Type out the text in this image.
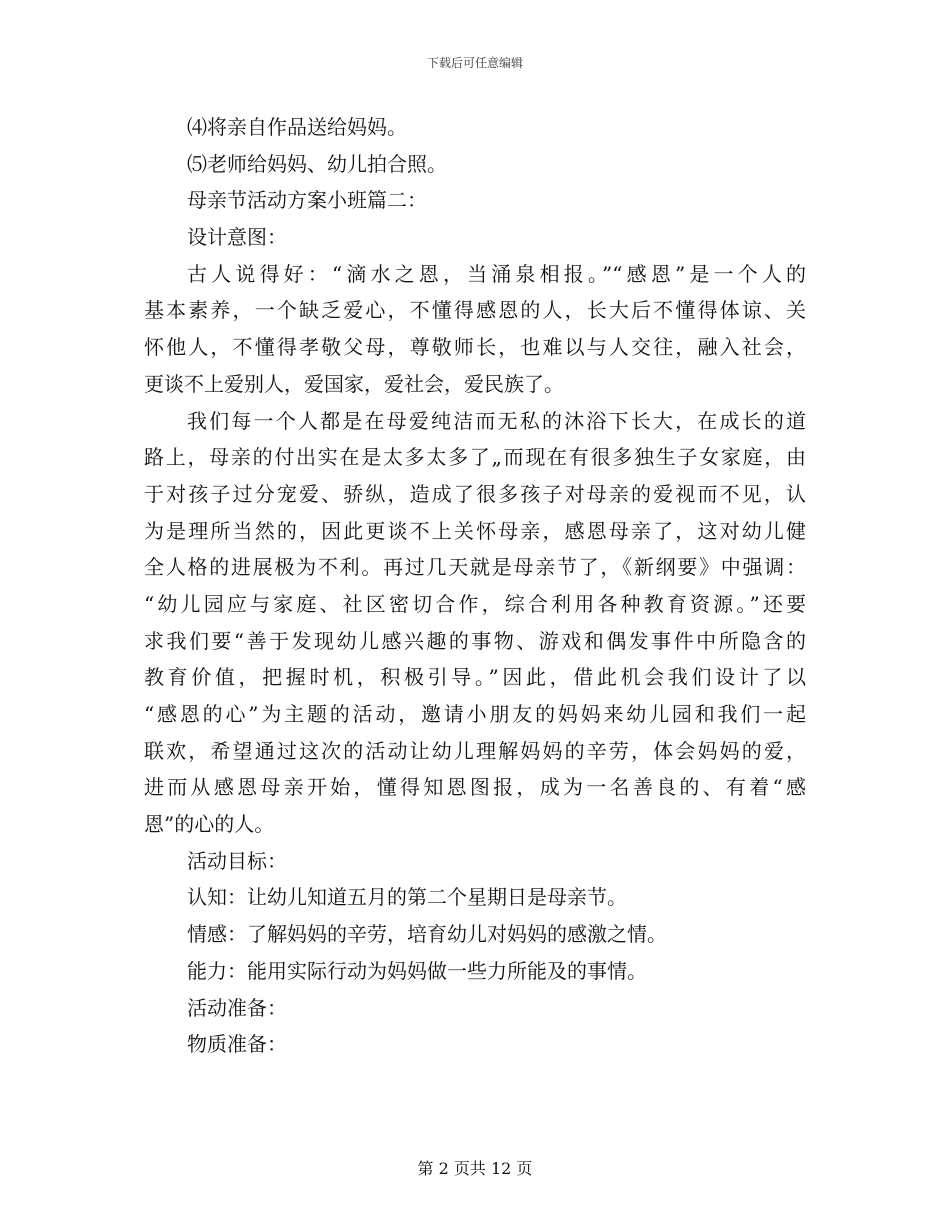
下载后可任意编辑
⑷将亲自作品送给妈妈。
⑸老师给妈妈、幼儿拍合照。
母亲节活动方案小班篇二：
设计意图：
古人说得好：“滴水之恩，当涌泉相报。”“感恩”是一个人的
基本素养，一个缺乏爱心，不懂得感恩的人，长大后不懂得体谅、关
怀他人，不懂得孝敬父母，尊敬师长，也难以与人交往，融入社会，
更谈不上爱别人，爱国家，爱社会，爱民族了。
我们每一个人都是在母爱纯洁而无私的沐浴下长大，在成长的道
路上，母亲的付出实在是太多太多了„而现在有很多独生子女家庭，由
于对孩子过分宠爱、骄纵，造成了很多孩子对母亲的爱视而不见，认
为是理所当然的，因此更谈不上关怀母亲，感恩母亲了，这对幼儿健
全人格的进展极为不利。再过几天就是母亲节了，《新纲要》中强调：
“幼儿园应与家庭、社区密切合作，综合利用各种教育资源。”还要
求我们要“善于发现幼儿感兴趣的事物、游戏和偶发事件中所隐含的
教育价值，把握时机，积极引导。”因此，借此机会我们设计了以
“感恩的心”为主题的活动，邀请小朋友的妈妈来幼儿园和我们一起
联欢，希望通过这次的活动让幼儿理解妈妈的辛劳，体会妈妈的爱，
进而从感恩母亲开始，懂得知恩图报，成为一名善良的、有着“感
恩”的心的人。
活动目标：
认知：让幼儿知道五月的第二个星期日是母亲节。
情感：了解妈妈的辛劳，培育幼儿对妈妈的感激之情。
能力：能用实际行动为妈妈做一些力所能及的事情。
活动准备：
物质准备：
第 2 页共 12 页
